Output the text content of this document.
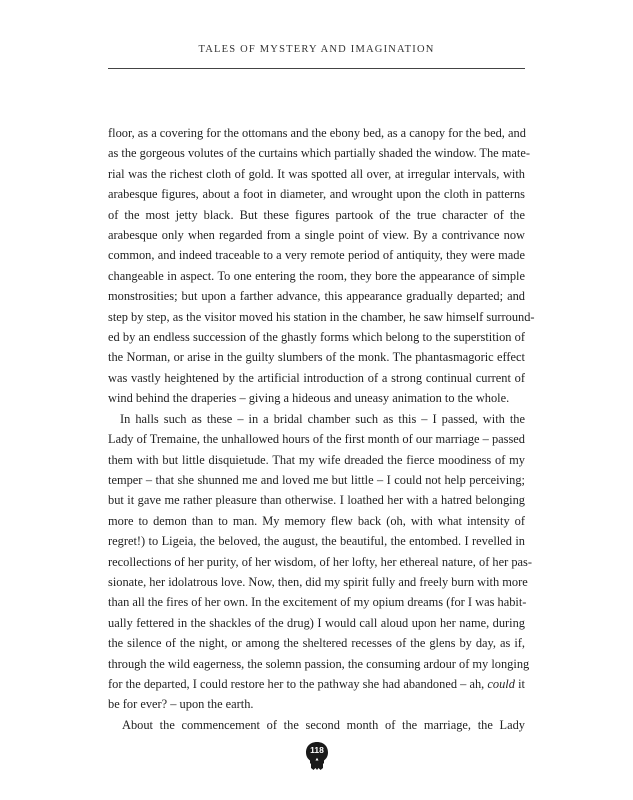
TALES OF MYSTERY AND IMAGINATION
floor, as a covering for the ottomans and the ebony bed, as a canopy for the bed, and
as the gorgeous volutes of the curtains which partially shaded the window. The mate-
rial was the richest cloth of gold. It was spotted all over, at irregular intervals, with
arabesque figures, about a foot in diameter, and wrought upon the cloth in patterns
of the most jetty black. But these figures partook of the true character of the
arabesque only when regarded from a single point of view. By a contrivance now
common, and indeed traceable to a very remote period of antiquity, they were made
changeable in aspect. To one entering the room, they bore the appearance of simple
monstrosities; but upon a farther advance, this appearance gradually departed; and
step by step, as the visitor moved his station in the chamber, he saw himself surround-
ed by an endless succession of the ghastly forms which belong to the superstition of
the Norman, or arise in the guilty slumbers of the monk. The phantasmagoric effect
was vastly heightened by the artificial introduction of a strong continual current of
wind behind the draperies – giving a hideous and uneasy animation to the whole.
In halls such as these – in a bridal chamber such as this – I passed, with the
Lady of Tremaine, the unhallowed hours of the first month of our marriage – passed
them with but little disquietude. That my wife dreaded the fierce moodiness of my
temper – that she shunned me and loved me but little – I could not help perceiving;
but it gave me rather pleasure than otherwise. I loathed her with a hatred belonging
more to demon than to man. My memory flew back (oh, with what intensity of
regret!) to Ligeia, the beloved, the august, the beautiful, the entombed. I revelled in
recollections of her purity, of her wisdom, of her lofty, her ethereal nature, of her pas-
sionate, her idolatrous love. Now, then, did my spirit fully and freely burn with more
than all the fires of her own. In the excitement of my opium dreams (for I was habit-
ually fettered in the shackles of the drug) I would call aloud upon her name, during
the silence of the night, or among the sheltered recesses of the glens by day, as if,
through the wild eagerness, the solemn passion, the consuming ardour of my longing
for the departed, I could restore her to the pathway she had abandoned – ah, could it
be for ever? – upon the earth.
About the commencement of the second month of the marriage, the Lady
118
